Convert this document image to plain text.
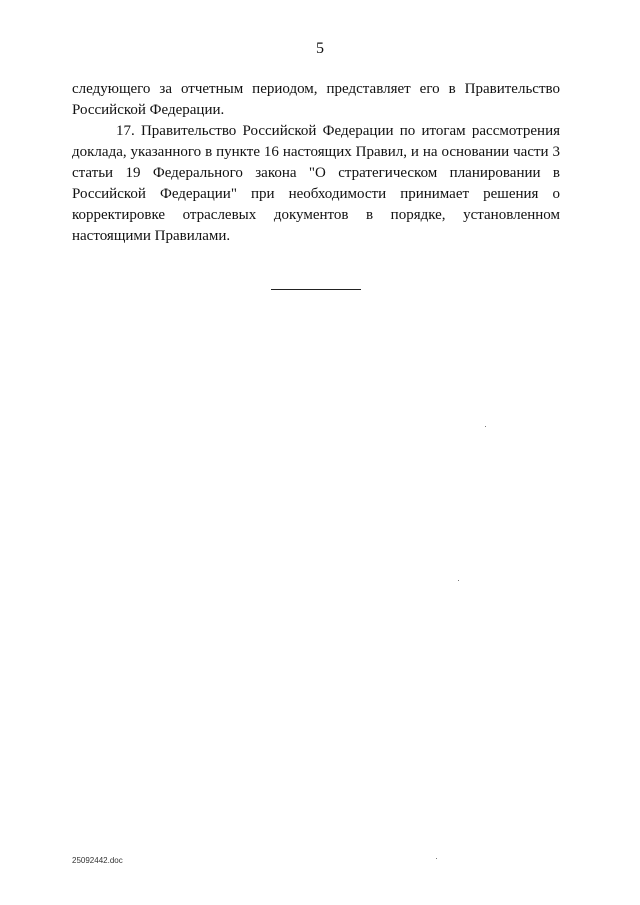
5

следующего за отчетным периодом, представляет его в Правительство Российской Федерации.

17. Правительство Российской Федерации по итогам рассмотрения доклада, указанного в пункте 16 настоящих Правил, и на основании части 3 статьи 19 Федерального закона "О стратегическом планировании в Российской Федерации" при необходимости принимает решения о корректировке отраслевых документов в порядке, установленном настоящими Правилами.

25092442.doc
